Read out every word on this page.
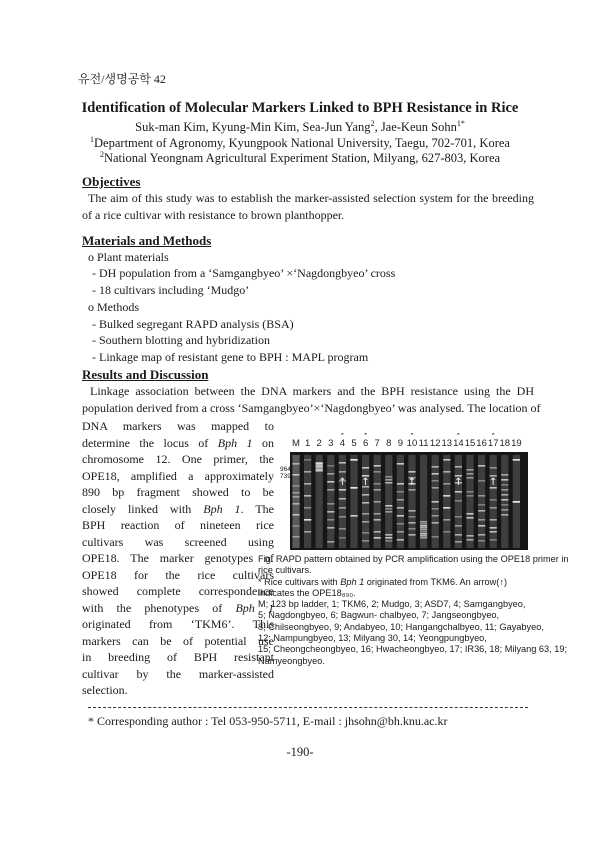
유전/생명공학 42
Identification of Molecular Markers Linked to BPH Resistance in Rice
Suk-man Kim, Kyung-Min Kim, Sea-Jun Yang$^2$, Jae-Keun Sohn$^{1*}$
$^1$Department of Agronomy, Kyungpook National University, Taegu, 702-701, Korea
$^2$National Yeongnam Agricultural Experiment Station, Milyang, 627-803, Korea
Objectives
The aim of this study was to establish the marker-assisted selection system for the breeding
of a rice cultivar with resistance to brown planthopper.
Materials and Methods
o Plant materials
- DH population from a ‘Samgangbyeo’ ×‘Nagdongbyeo’ cross
- 18 cultivars including ‘Mudgo’
o Methods
- Bulked segregant RAPD analysis (BSA)
- Southern blotting and hybridization
- Linkage map of resistant gene to BPH : MAPL program
Results and Discussion
Linkage association between the DNA markers and the BPH resistance using the DH
population derived from a cross ‘Samgangbyeo’×‘Nagdongbyeo’ was analysed. The location of
DNA markers was mapped to
determine the locus of Bph 1 on
chromosome 12. One primer, the
OPE18, amplified a approximately
890 bp fragment showed to be
closely linked with Bph 1. The
BPH reaction of nineteen rice
cultivars was screened using
OPE18. The marker genotypes of
OPE18 for the rice cultivars
showed complete correspondence
with the phenotypes of Bph 1
originated from ‘TKM6’. This
markers can be of potential use
in breeding of BPH resistant
cultivar by the marker-assisted
selection.
* *	*	*	*
M 1 2 3 4 5 6 7 8 9 10 11 12 13 14 15 16 17 18 19
↑ ↑	↑	↑	↑
964
739
Fig. RAPD pattern obtained by PCR amplification using the OPE18 primer in
rice cultivars.
* Rice cultivars with Bph 1 originated from TKM6. An arrow(↑)
indicates the OPE18₈₉₀.
M; 123 bp ladder, 1; TKM6, 2; Mudgo, 3; ASD7, 4; Samgangbyeo,
5; Nagdongbyeo, 6; Bagwun- chalbyeo, 7; Jangseongbyeo,
8; Chilseongbyeo, 9; Andabyeo, 10; Hangangchalbyeo, 11; Gayabyeo,
12; Nampungbyeo, 13; Milyang 30, 14; Yeongpungbyeo,
15; Cheongcheongbyeo, 16; Hwacheongbyeo, 17; IR36, 18; Milyang 63, 19;
Namyeongbyeo.
* Corresponding author : Tel 053-950-5711, E-mail : jhsohn@bh.knu.ac.kr
-190-
